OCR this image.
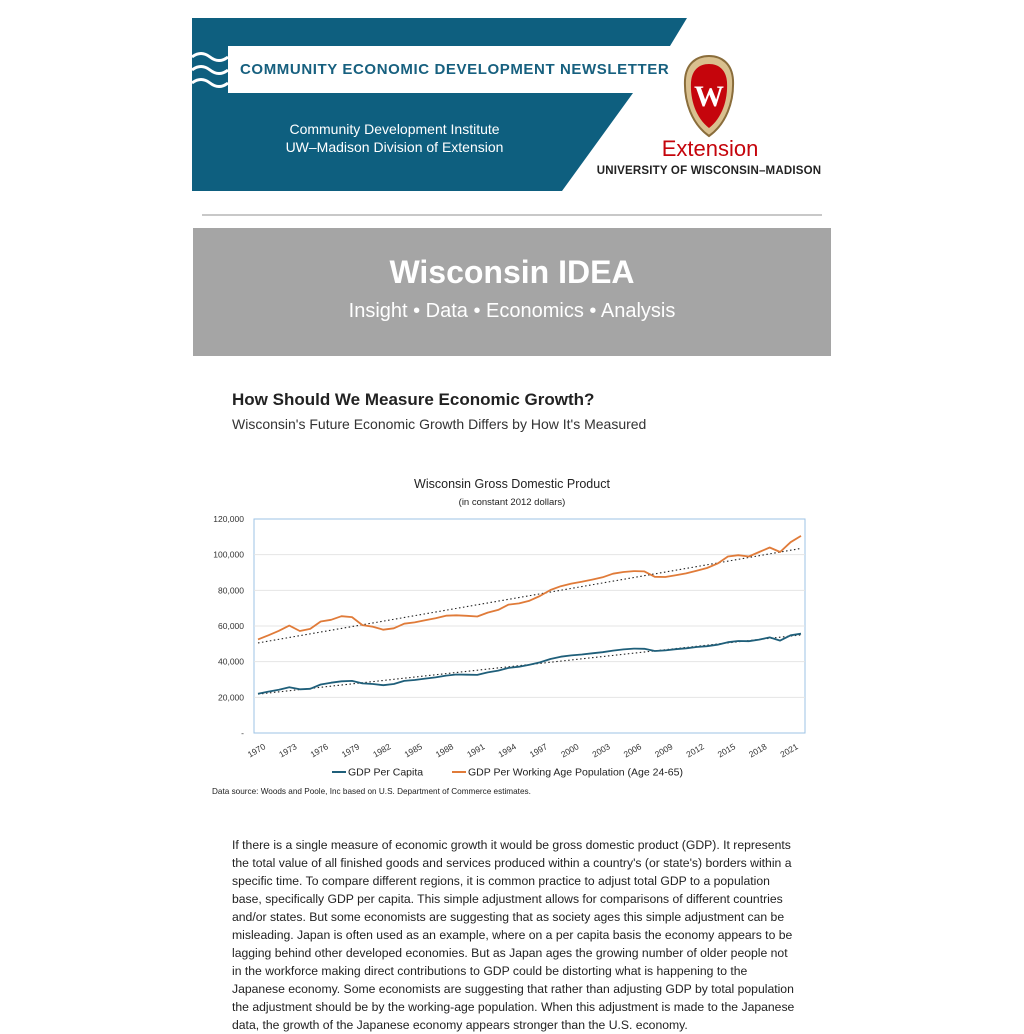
COMMUNITY ECONOMIC DEVELOPMENT NEWSLETTER
Community Development Institute
UW–Madison Division of Extension
W
Extension
UNIVERSITY OF WISCONSIN–MADISON
Wisconsin IDEA
Insight • Data • Economics • Analysis
How Should We Measure Economic Growth?
Wisconsin's Future Economic Growth Differs by How It's Measured
Wisconsin Gross Domestic Product
(in constant 2012 dollars)
-
20,000
40,000
60,000
80,000
100,000
120,000
1970 1973 1976 1979 1982 1985 1988 1991 1994 1997 2000 2003 2006 2009 2012 2015 2018 2021
GDP Per Capita	GDP Per Working Age Population (Age 24-65)
Data source: Woods and Poole, Inc based on U.S. Department of Commerce estimates.

If there is a single measure of economic growth it would be gross domestic product (GDP). It represents the total value of all finished goods and services produced within a country's (or state's) borders within a specific time. To compare different regions, it is common practice to adjust total GDP to a population base, specifically GDP per capita. This simple adjustment allows for comparisons of different countries and/or states. But some economists are suggesting that as society ages this simple adjustment can be misleading. Japan is often used as an example, where on a per capita basis the economy appears to be lagging behind other developed economies. But as Japan ages the growing number of older people not in the workforce making direct contributions to GDP could be distorting what is happening to the Japanese economy. Some economists are suggesting that rather than adjusting GDP by total population the adjustment should be by the working-age population. When this adjustment is made to the Japanese data, the growth of the Japanese economy appears stronger than the U.S. economy.
